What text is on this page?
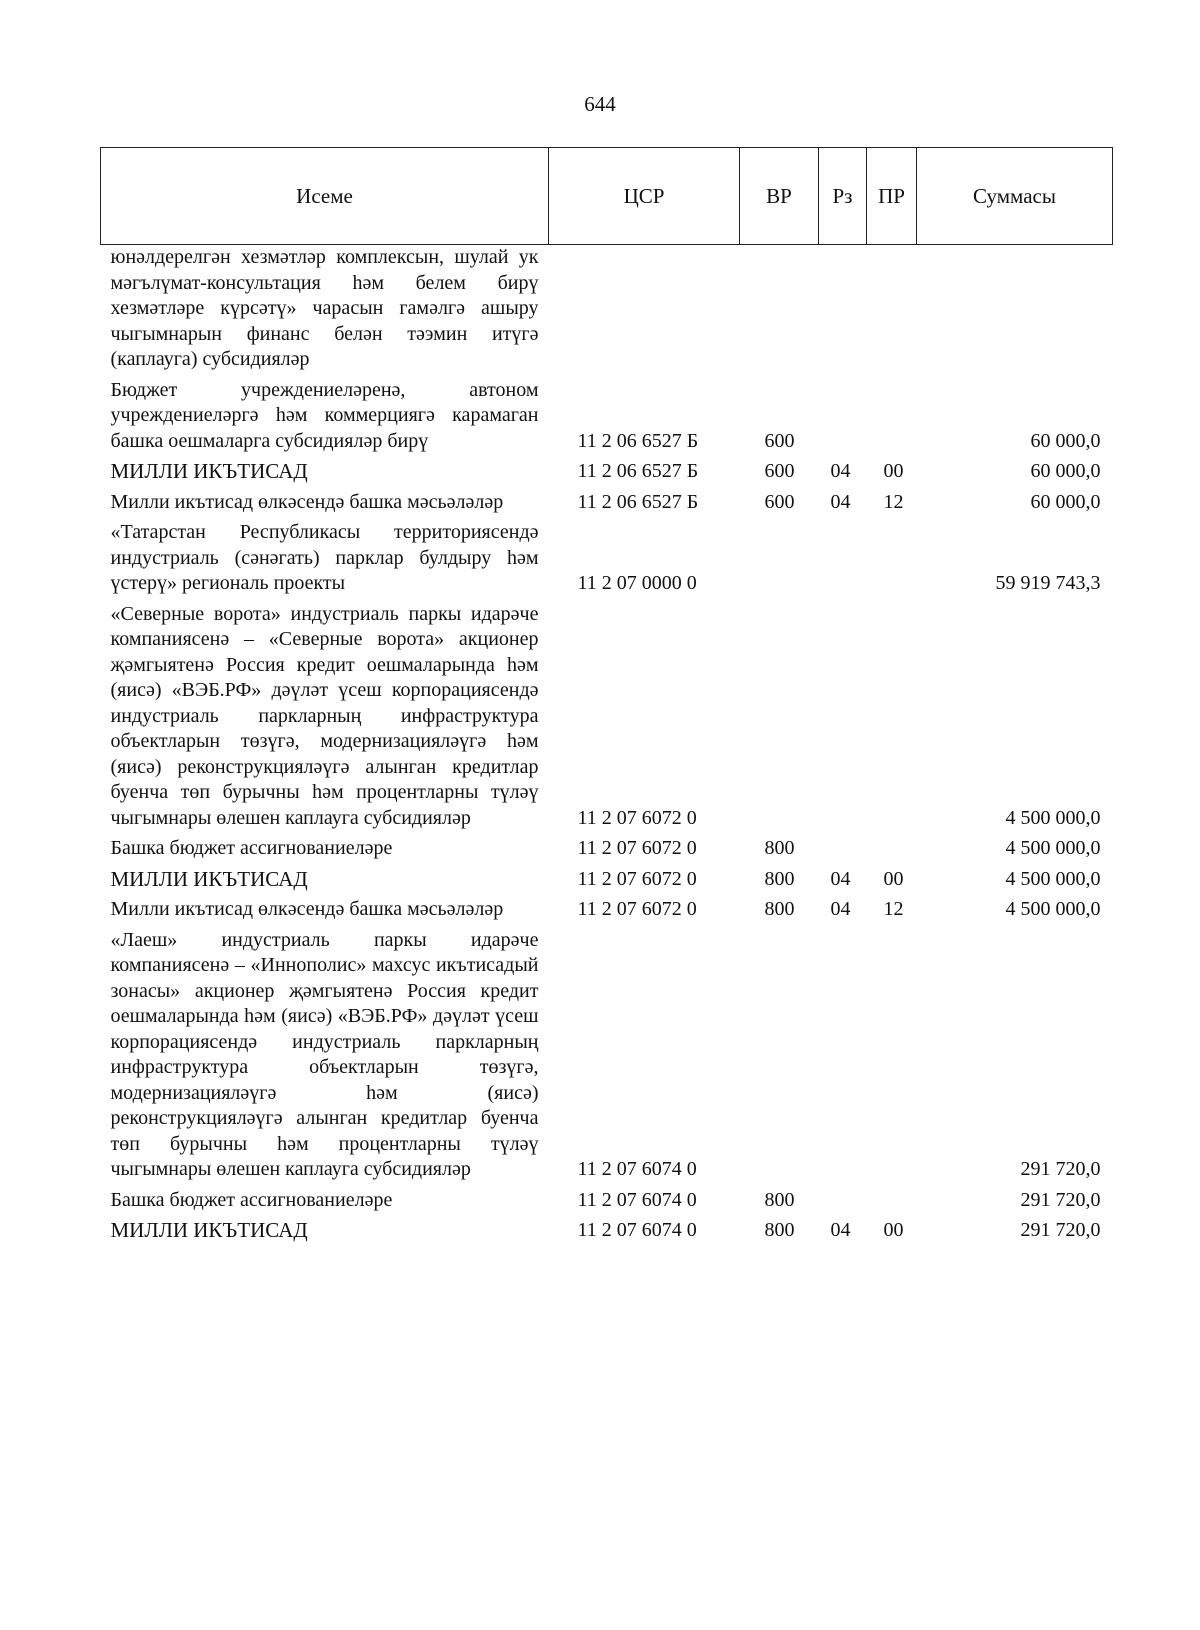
644
Исеме	ЦСР	ВР	Рз	ПР	Суммасы
юнәлдерелгән хезмәтләр комплексын, шулай ук мәгълүмат-консультация һәм белем бирү хезмәтләре күрсәтү» чарасын гамәлгә ашыру чыгымнарын финанс белән тәэмин итүгә (каплауга) субсидияләр					
Бюджет учреждениеләренә, автоном учреждениеләргә һәм коммерциягә карамаган башка оешмаларга субсидияләр бирү	11 2 06 6527 Б	600			60 000,0
МИЛЛИ ИКЪТИСАД	11 2 06 6527 Б	600	04	00	60 000,0
Милли икътисад өлкәсендә башка мәсьәләләр	11 2 06 6527 Б	600	04	12	60 000,0
«Татарстан Республикасы территориясендә индустриаль (сәнәгать) парклар булдыру һәм үстерү» региональ проекты	11 2 07 0000 0				59 919 743,3
«Северные ворота» индустриаль паркы идарәче компаниясенә – «Северные ворота» акционер җәмгыятенә Россия кредит оешмаларында һәм (яисә) «ВЭБ.РФ» дәүләт үсеш корпорациясендә индустриаль паркларның инфраструктура объектларын төзүгә, модернизацияләүгә һәм (яисә) реконструкцияләүгә алынган кредитлар буенча төп бурычны һәм процентларны түләү чыгымнары өлешен каплауга субсидияләр	11 2 07 6072 0				4 500 000,0
Башка бюджет ассигнованиеләре	11 2 07 6072 0	800			4 500 000,0
МИЛЛИ ИКЪТИСАД	11 2 07 6072 0	800	04	00	4 500 000,0
Милли икътисад өлкәсендә башка мәсьәләләр	11 2 07 6072 0	800	04	12	4 500 000,0
«Лаеш» индустриаль паркы идарәче компаниясенә – «Иннополис» махсус икътисадый зонасы» акционер җәмгыятенә Россия кредит оешмаларында һәм (яисә) «ВЭБ.РФ» дәүләт үсеш корпорациясендә индустриаль паркларның инфраструктура объектларын төзүгә, модернизацияләүгә һәм (яисә) реконструкцияләүгә алынган кредитлар буенча төп бурычны һәм процентларны түләү чыгымнары өлешен каплауга субсидияләр	11 2 07 6074 0				291 720,0
Башка бюджет ассигнованиеләре	11 2 07 6074 0	800			291 720,0
МИЛЛИ ИКЪТИСАД	11 2 07 6074 0	800	04	00	291 720,0
